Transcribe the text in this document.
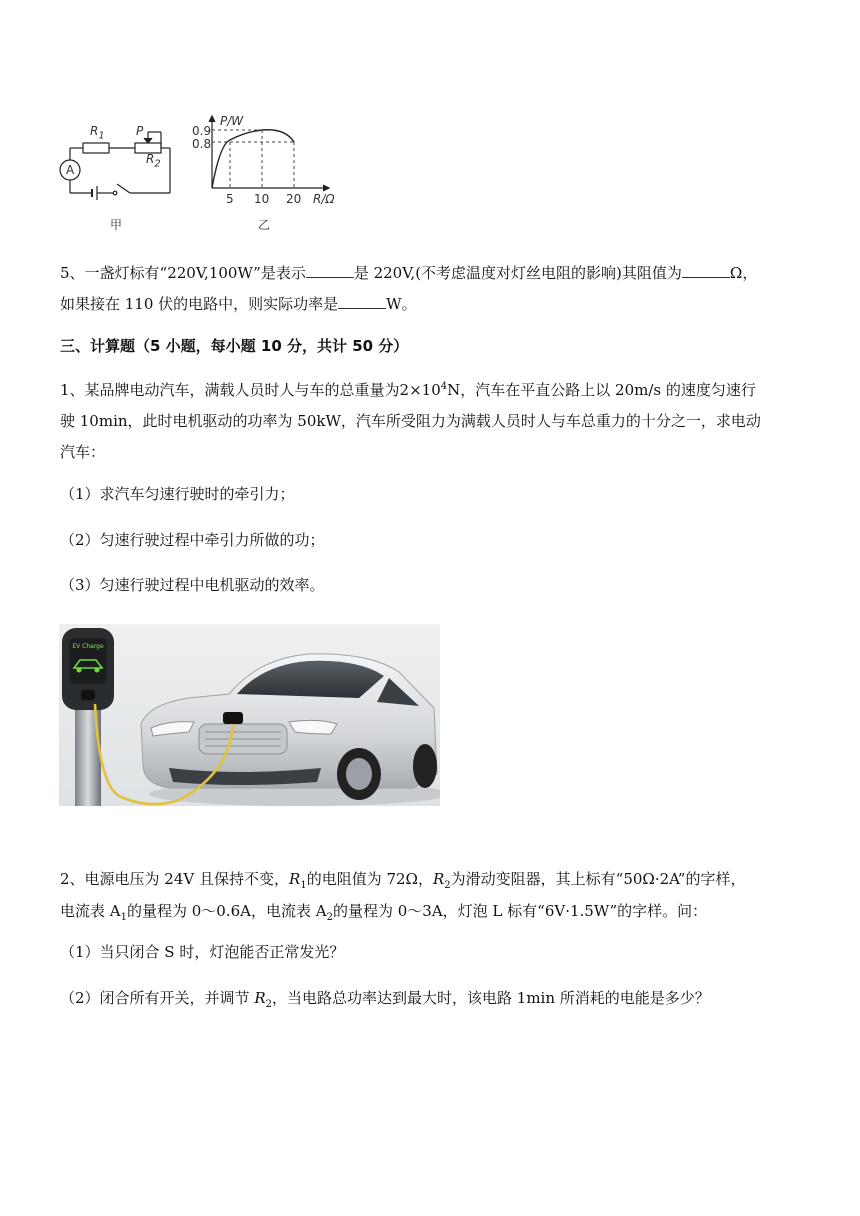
$R_1$	P
$R_2$
A
甲
P/W
0.9
0.8
5 10 20 R/Ω
乙
5、一盏灯标有“220V,100W”是表示	是 220V,(不考虑温度对灯丝电阻的影响)其阻值为	Ω，
如果接在 110 伏的电路中，则实际功率是	W。
三、计算题（5 小题，每小题 10 分，共计 50 分）
1、某品牌电动汽车，满载人员时人与车的总重量为$2\times 10^4N$，汽车在平直公路上以 20m/s 的速度匀速行
驶 10min，此时电机驱动的功率为 50kW，汽车所受阻力为满载人员时人与车总重力的十分之一，求电动
汽车：
（1）求汽车匀速行驶时的牵引力；
（2）匀速行驶过程中牵引力所做的功；
（3）匀速行驶过程中电机驱动的效率。
EV Charge
2、电源电压为 24V 且保持不变，$R_1$的电阻值为 72Ω，$R_2$为滑动变阻器，其上标有“50Ω·2A”的字样，
电流表 $A_1$的量程为 0～0.6A，电流表 $A_2$的量程为 0～3A，灯泡 L 标有“6V·1.5W”的字样。问：
（1）当只闭合 S 时，灯泡能否正常发光？
（2）闭合所有开关，并调节 $R_2$，当电路总功率达到最大时，该电路 1min 所消耗的电能是多少？
